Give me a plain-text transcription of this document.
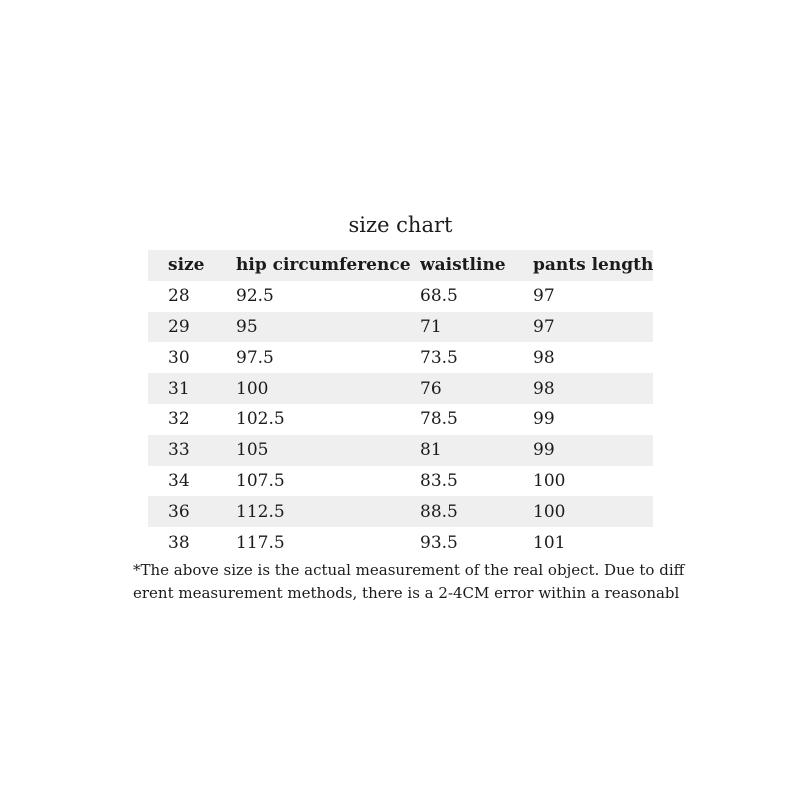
size chart
size	hip circumference	waistline	pants length
28	92.5	68.5	97
29	95	71	97
30	97.5	73.5	98
31	100	76	98
32	102.5	78.5	99
33	105	81	99
34	107.5	83.5	100
36	112.5	88.5	100
38	117.5	93.5	101
*The above size is the actual measurement of the real object. Due to diff
erent measurement methods, there is a 2-4CM error within a reasonabl
